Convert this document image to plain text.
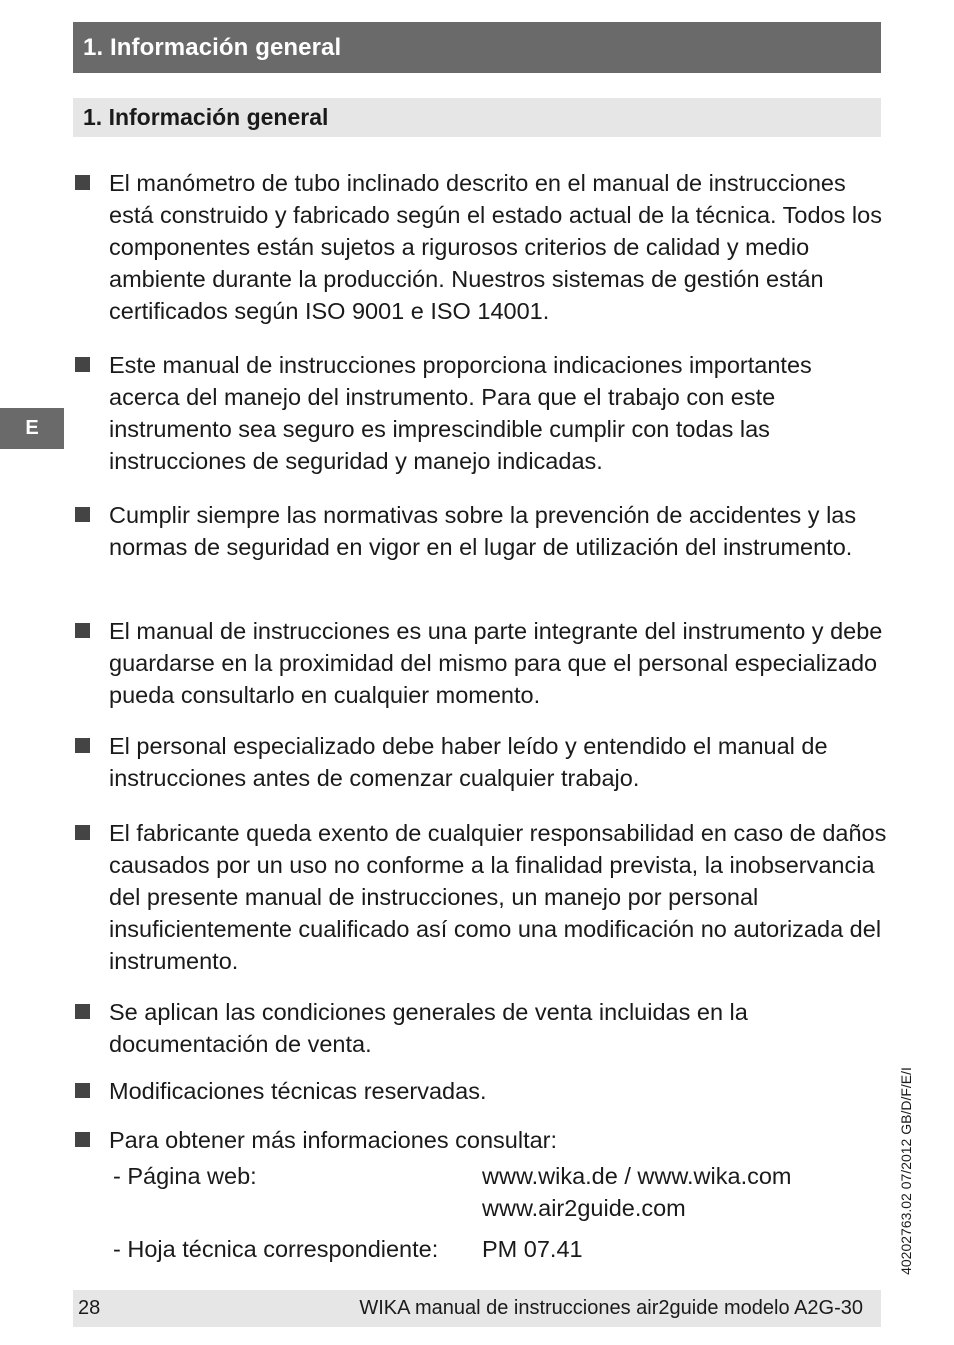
1. Información general
1. Información general
E
El manómetro de tubo inclinado descrito en el manual de instrucciones está construido y fabricado según el estado actual de la técnica. Todos los componentes están sujetos a rigurosos criterios de calidad y medio ambiente durante la producción. Nuestros sistemas de gestión están certificados según ISO 9001 e ISO 14001.
Este manual de instrucciones proporciona indicaciones importantes acerca del manejo del instrumento. Para que el trabajo con este instrumento sea seguro es imprescindible cumplir con todas las instrucciones de seguridad y manejo indicadas.
Cumplir siempre las normativas sobre la prevención de accidentes y las normas de seguridad en vigor en el lugar de utilización del instrumento.
El manual de instrucciones es una parte integrante del instrumento y debe guardarse en la proximidad del mismo para que el personal especializado pueda consultarlo en cualquier momento.
El personal especializado debe haber leído y entendido el manual de instrucciones antes de comenzar cualquier trabajo.
El fabricante queda exento de cualquier responsabilidad en caso de daños causados por un uso no conforme a la finalidad prevista, la inobservancia del presente manual de instrucciones, un manejo por personal insuficientemente cualificado así como una modificación no autorizada del instrumento.
Se aplican las condiciones generales de venta incluidas en la documentación de venta.
Modificaciones técnicas reservadas.
Para obtener más informaciones consultar:
- Página web:	www.wika.de / www.wika.com
www.air2guide.com
- Hoja técnica correspondiente: PM 07.41	40202763.02 07/2012 GB/D/F/E/I
28	WIKA manual de instrucciones air2guide modelo A2G-30
